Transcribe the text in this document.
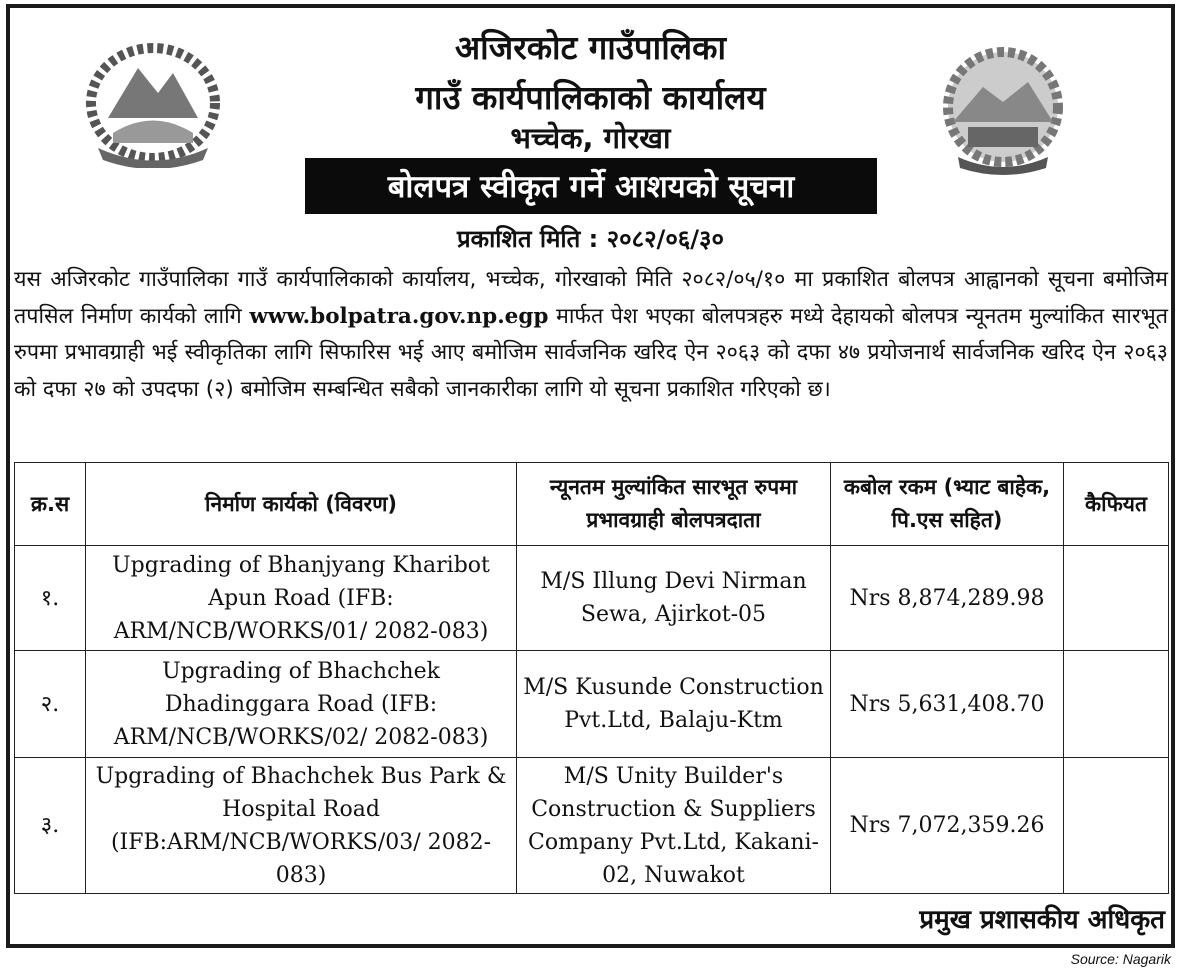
अजिरकोट गाउँपालिका
गाउँ कार्यपालिकाको कार्यालय
भच्चेक, गोरखा
बोलपत्र स्वीकृत गर्ने आशयको सूचना
प्रकाशित मिति : २०८२/०६/३०
यस अजिरकोट गाउँपालिका गाउँ कार्यपालिकाको कार्यालय, भच्चेक, गोरखाको मिति २०८२/०५/१० मा प्रकाशित बोलपत्र आह्वानको सूचना बमोजिम तपसिल निर्माण कार्यको लागि www.bolpatra.gov.np.egp मार्फत पेश भएका बोलपत्रहरु मध्ये देहायको बोलपत्र न्यूनतम मुल्यांकित सारभूत रुपमा प्रभावग्राही भई स्वीकृतिका लागि सिफारिस भई आए बमोजिम सार्वजनिक खरिद ऐन २०६३ को दफा ४७ प्रयोजनार्थ सार्वजनिक खरिद ऐन २०६३ को दफा २७ को उपदफा (२) बमोजिम सम्बन्धित सबैको जानकारीका लागि यो सूचना प्रकाशित गरिएको छ।
क्र.स	निर्माण कार्यको (विवरण)	न्यूनतम मुल्यांकित सारभूत रुपमा प्रभावग्राही बोलपत्रदाता	कबोल रकम (भ्याट बाहेक, पि.एस सहित)	कैफियत
१.	Upgrading of Bhanjyang Kharibot Apun Road (IFB: ARM/NCB/WORKS/01/ 2082-083)	M/S Illung Devi Nirman Sewa, Ajirkot-05	Nrs 8,874,289.98	
२.	Upgrading of Bhachchek Dhadinggara Road (IFB: ARM/NCB/WORKS/02/ 2082-083)	M/S Kusunde Construction Pvt.Ltd, Balaju-Ktm	Nrs 5,631,408.70	
३.	Upgrading of Bhachchek Bus Park & Hospital Road (IFB:ARM/NCB/WORKS/03/ 2082-083)	M/S Unity Builder's Construction & Suppliers Company Pvt.Ltd, Kakani-02, Nuwakot	Nrs 7,072,359.26	
प्रमुख प्रशासकीय अधिकृत
Source: Nagarik
